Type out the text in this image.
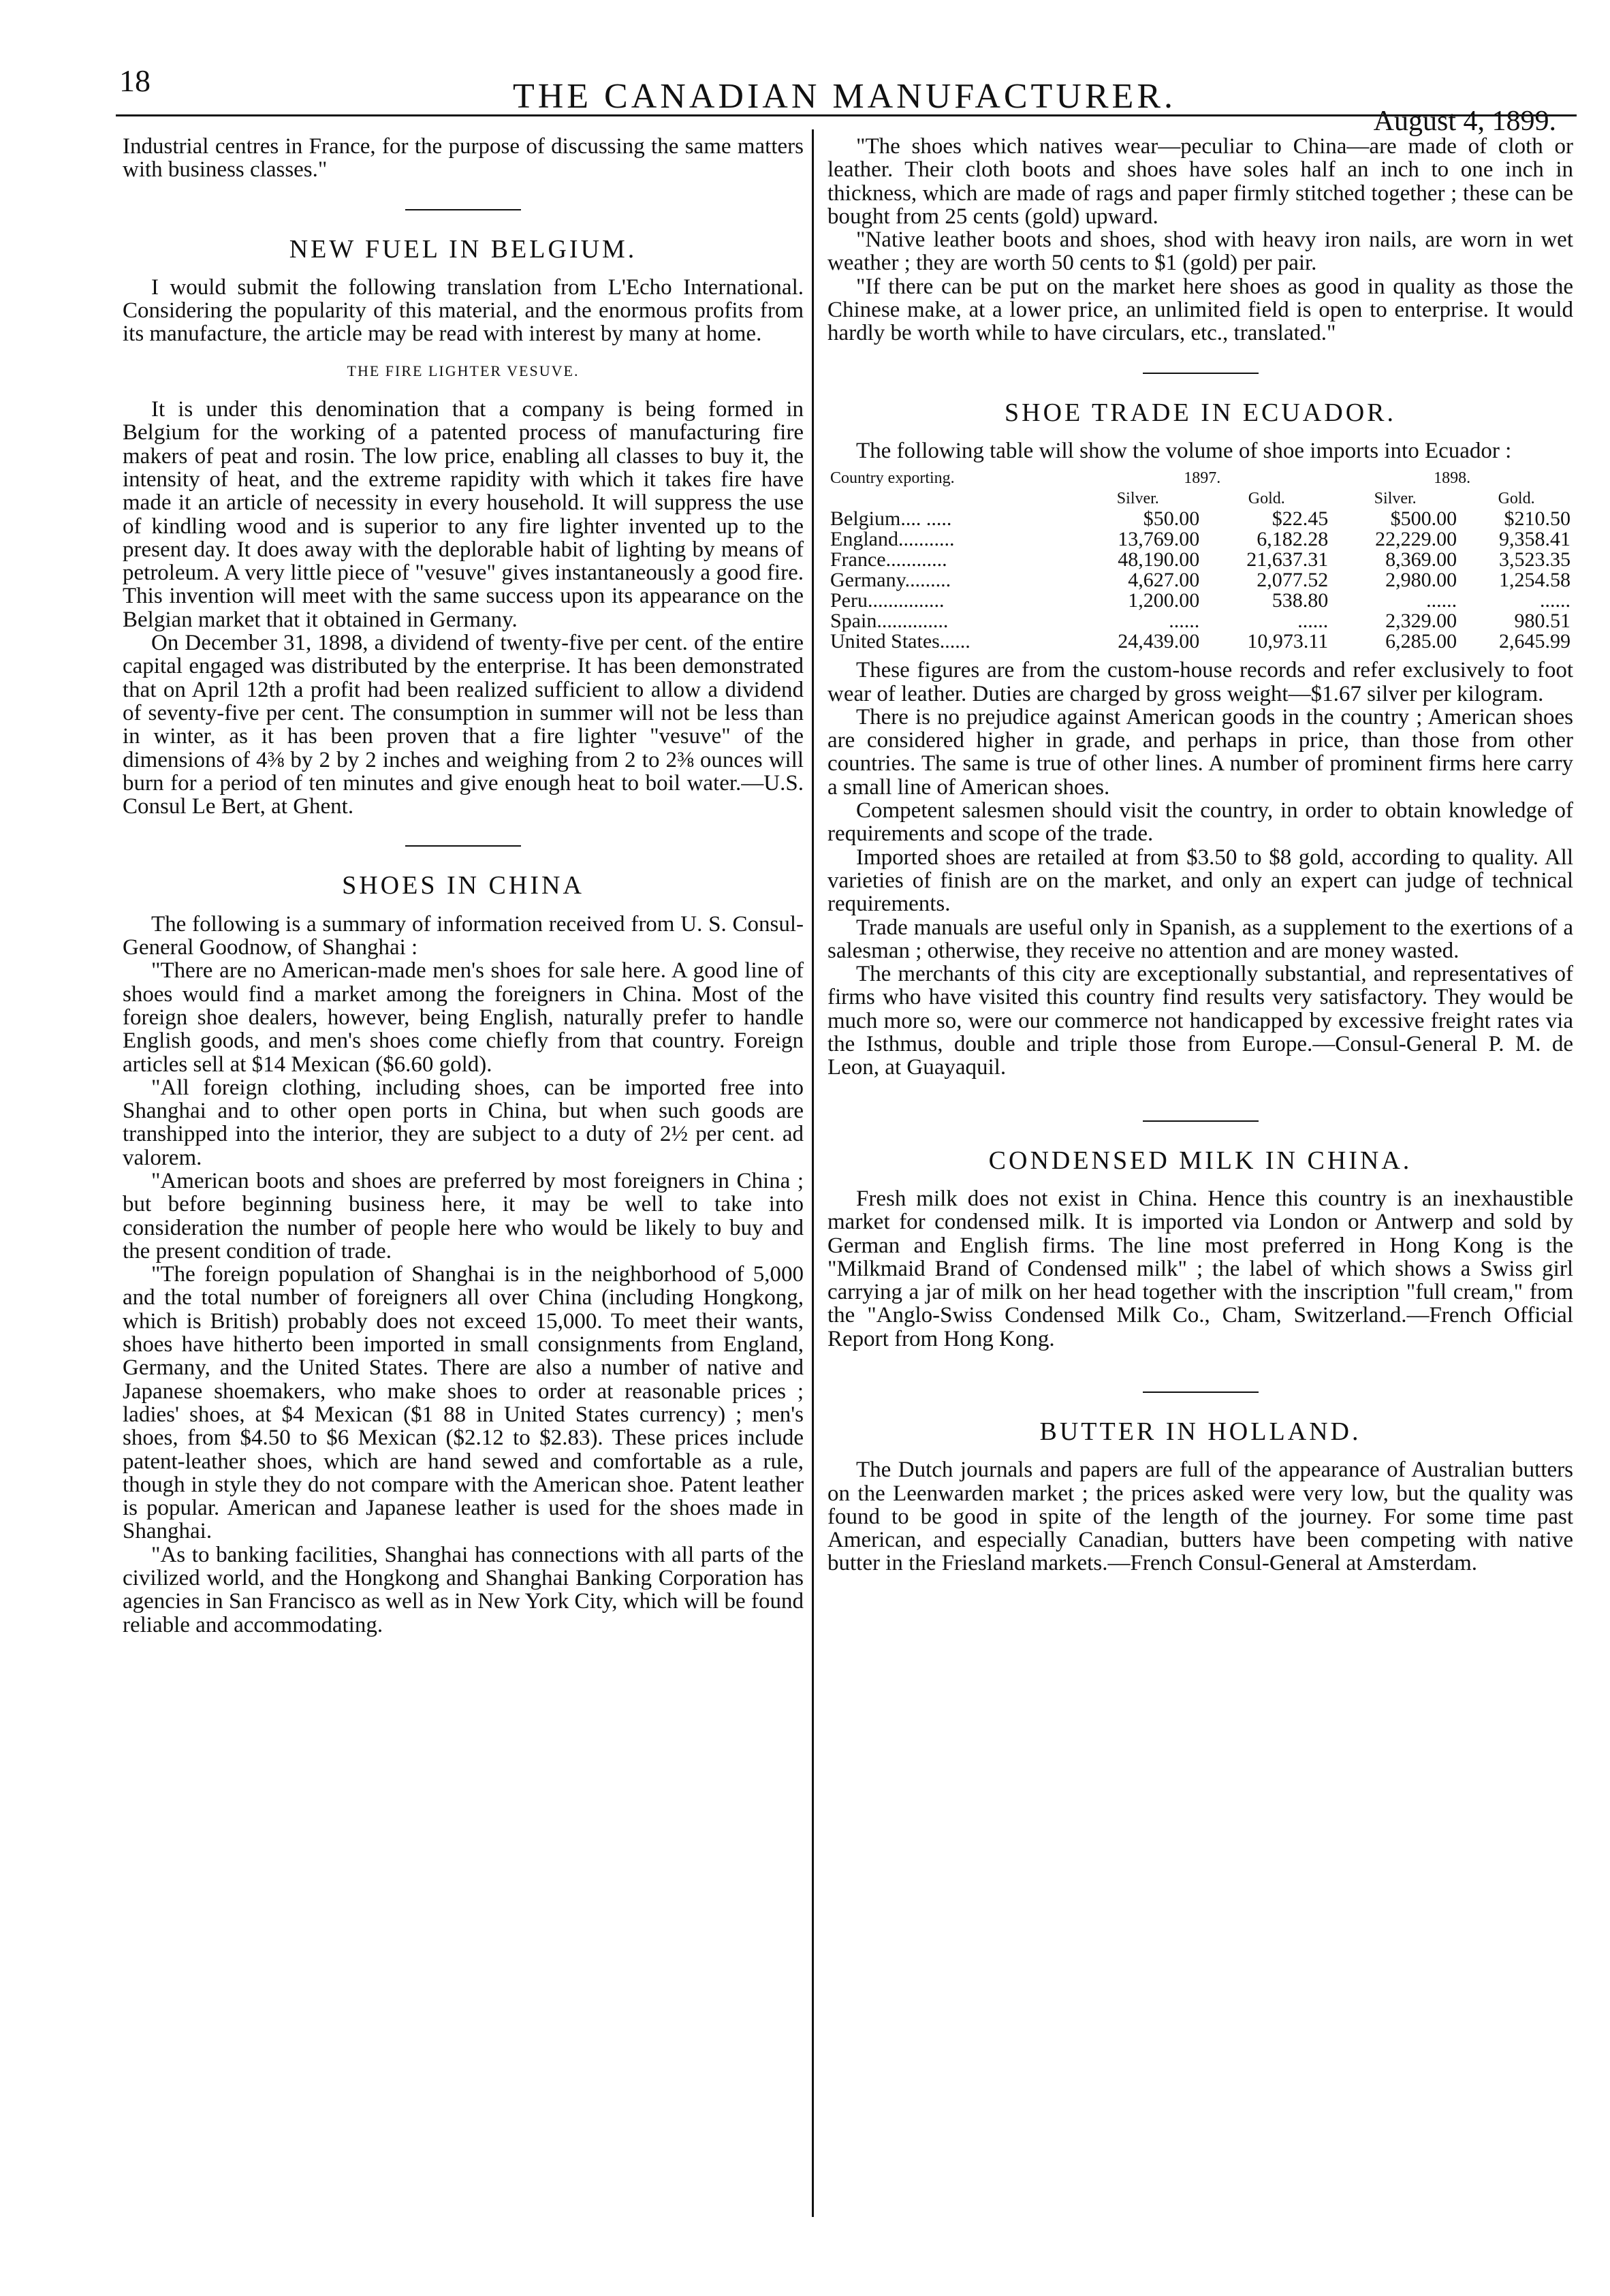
18	THE CANADIAN MANUFACTURER.
August 4, 1899.

Industrial centres in France, for the purpose of discussing the same matters with business classes."

NEW FUEL IN BELGIUM.

I would submit the following translation from L'Echo International. Considering the popularity of this material, and the enormous profits from its manufacture, the article may be read with interest by many at home.

THE FIRE LIGHTER VESUVE.

It is under this denomination that a company is being formed in Belgium for the working of a patented process of manufacturing fire makers of peat and rosin. The low price, enabling all classes to buy it, the intensity of heat, and the extreme rapidity with which it takes fire have made it an article of necessity in every household. It will suppress the use of kindling wood and is superior to any fire lighter invented up to the present day. It does away with the deplorable habit of lighting by means of petroleum. A very little piece of "vesuve" gives instantaneously a good fire. This invention will meet with the same success upon its appearance on the Belgian market that it obtained in Germany.

On December 31, 1898, a dividend of twenty-five per cent. of the entire capital engaged was distributed by the enterprise. It has been demonstrated that on April 12th a profit had been realized sufficient to allow a dividend of seventy-five per cent. The consumption in summer will not be less than in winter, as it has been proven that a fire lighter "vesuve" of the dimensions of 4⅜ by 2 by 2 inches and weighing from 2 to 2⅜ ounces will burn for a period of ten minutes and give enough heat to boil water.—U.S. Consul Le Bert, at Ghent.

SHOES IN CHINA

The following is a summary of information received from U. S. Consul-General Goodnow, of Shanghai :

"There are no American-made men's shoes for sale here. A good line of shoes would find a market among the foreigners in China. Most of the foreign shoe dealers, however, being English, naturally prefer to handle English goods, and men's shoes come chiefly from that country. Foreign articles sell at $14 Mexican ($6.60 gold).

"All foreign clothing, including shoes, can be imported free into Shanghai and to other open ports in China, but when such goods are transhipped into the interior, they are subject to a duty of 2½ per cent. ad valorem.

"American boots and shoes are preferred by most foreigners in China ; but before beginning business here, it may be well to take into consideration the number of people here who would be likely to buy and the present condition of trade.

"The foreign population of Shanghai is in the neighborhood of 5,000 and the total number of foreigners all over China (including Hongkong, which is British) probably does not exceed 15,000. To meet their wants, shoes have hitherto been imported in small consignments from England, Germany, and the United States. There are also a number of native and Japanese shoemakers, who make shoes to order at reasonable prices ; ladies' shoes, at $4 Mexican ($1 88 in United States currency) ; men's shoes, from $4.50 to $6 Mexican ($2.12 to $2.83). These prices include patent-leather shoes, which are hand sewed and comfortable as a rule, though in style they do not compare with the American shoe. Patent leather is popular. American and Japanese leather is used for the shoes made in Shanghai.

"As to banking facilities, Shanghai has connections with all parts of the civilized world, and the Hongkong and Shanghai Banking Corporation has agencies in San Francisco as well as in New York City, which will be found reliable and accommodating.

"The shoes which natives wear—peculiar to China—are made of cloth or leather. Their cloth boots and shoes have soles half an inch to one inch in thickness, which are made of rags and paper firmly stitched together ; these can be bought from 25 cents (gold) upward.

"Native leather boots and shoes, shod with heavy iron nails, are worn in wet weather ; they are worth 50 cents to $1 (gold) per pair.

"If there can be put on the market here shoes as good in quality as those the Chinese make, at a lower price, an unlimited field is open to enterprise. It would hardly be worth while to have circulars, etc., translated."

SHOE TRADE IN ECUADOR.

The following table will show the volume of shoe imports into Ecuador :

Country exporting.	1897.		1898.	
	Silver.	Gold.	Silver.	Gold.
Belgium.... .....	$50.00	$22.45	$500.00	$210.50
England...........	13,769.00	6,182.28	22,229.00	9,358.41
France............	48,190.00	21,637.31	8,369.00	3,523.35
Germany.........	4,627.00	2,077.52	2,980.00	1,254.58
Peru...............	1,200.00	538.80	......	......
Spain..............	......	......	2,329.00	980.51
United States......	24,439.00	10,973.11	6,285.00	2,645.99

These figures are from the custom-house records and refer exclusively to foot wear of leather. Duties are charged by gross weight—$1.67 silver per kilogram.

There is no prejudice against American goods in the country ; American shoes are considered higher in grade, and perhaps in price, than those from other countries. The same is true of other lines. A number of prominent firms here carry a small line of American shoes.

Competent salesmen should visit the country, in order to obtain knowledge of requirements and scope of the trade.

Imported shoes are retailed at from $3.50 to $8 gold, according to quality. All varieties of finish are on the market, and only an expert can judge of technical requirements.

Trade manuals are useful only in Spanish, as a supplement to the exertions of a salesman ; otherwise, they receive no attention and are money wasted.

The merchants of this city are exceptionally substantial, and representatives of firms who have visited this country find results very satisfactory. They would be much more so, were our commerce not handicapped by excessive freight rates via the Isthmus, double and triple those from Europe.—Consul-General P. M. de Leon, at Guayaquil.

CONDENSED MILK IN CHINA.

Fresh milk does not exist in China. Hence this country is an inexhaustible market for condensed milk. It is imported via London or Antwerp and sold by German and English firms. The line most preferred in Hong Kong is the "Milkmaid Brand of Condensed milk" ; the label of which shows a Swiss girl carrying a jar of milk on her head together with the inscription "full cream," from the "Anglo-Swiss Condensed Milk Co., Cham, Switzerland.—French Official Report from Hong Kong.

BUTTER IN HOLLAND.

The Dutch journals and papers are full of the appearance of Australian butters on the Leenwarden market ; the prices asked were very low, but the quality was found to be good in spite of the length of the journey. For some time past American, and especially Canadian, butters have been competing with native butter in the Friesland markets.—French Consul-General at Amsterdam.
